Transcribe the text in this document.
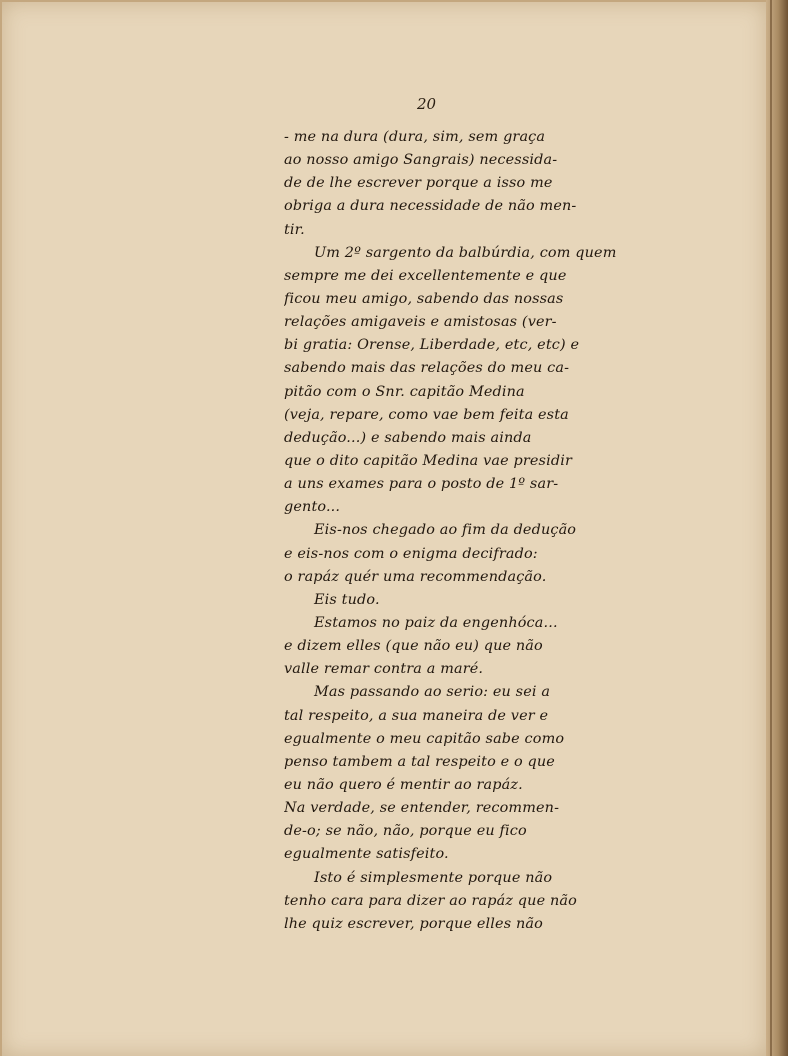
20
- me na dura (dura, sim, sem graça
ao nosso amigo Sangrais) necessida-
de de lhe escrever porque a isso me
obriga a dura necessidade de não men-
tir.
Um 2º sargento da balbúrdia, com quem
sempre me dei excellentemente e que
ficou meu amigo, sabendo das nossas
relações amigaveis e amistosas (ver-
bi gratia: Orense, Liberdade, etc, etc) e
sabendo mais das relações do meu ca-
pitão com o Snr. capitão Medina
(veja, repare, como vae bem feita esta
dedução...) e sabendo mais ainda
que o dito capitão Medina vae presidir
a uns exames para o posto de 1º sar-
gento...
Eis-nos chegado ao fim da dedução
e eis-nos com o enigma decifrado:
o rapáz quér uma recommendação.
Eis tudo.
Estamos no paiz da engenhóca...
e dizem elles (que não eu) que não
valle remar contra a maré.
Mas passando ao serio: eu sei a
tal respeito, a sua maneira de ver e
egualmente o meu capitão sabe como
penso tambem a tal respeito e o que
eu não quero é mentir ao rapáz.
Na verdade, se entender, recommen-
de-o; se não, não, porque eu fico
egualmente satisfeito.
Isto é simplesmente porque não
tenho cara para dizer ao rapáz que não
lhe quiz escrever, porque elles não
